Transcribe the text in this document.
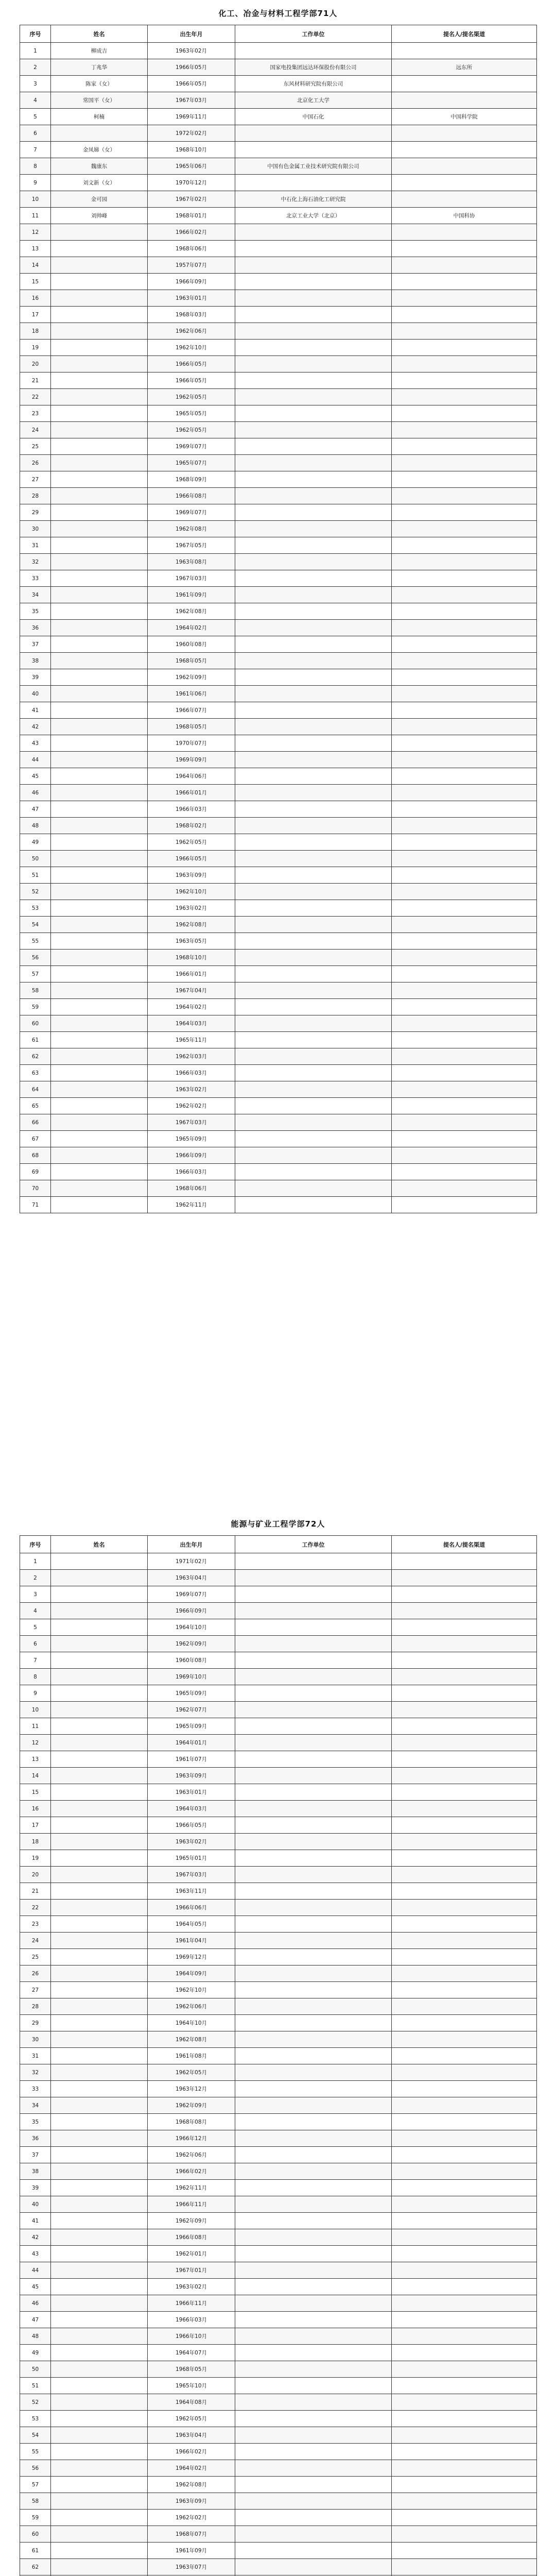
化工、冶金与材料工程学部71人
序号	姓名	出生年月	工作单位	提名人/提名渠道
1	柳成吉	1963年02月		
2	丁兆华	1966年05月	国家电投集团远达环保股份有限公司	远东所
3	陈家（女）	1966年05月	东风材料研究院有限公司	
4	常国平（女）	1967年03月	北京化工大学	
5	柯楠	1969年11月	中国石化	中国科学院
6		1972年02月		
7	金凤娣（女）	1968年10月		
8	魏康东	1965年06月	中国有色金属工业技术研究院有限公司	
9	刘文新（女）	1970年12月		
10	金可园	1967年02月	中石化上海石油化工研究院	
11	刘帅峰	1968年01月	北京工业大学（北京）	中国科协
12		1966年02月		
13		1968年06月		
14		1957年07月		
15		1966年09月		
16		1963年01月		
17		1968年03月		
18		1962年06月		
19		1962年10月		
20		1966年05月		
21		1966年05月		
22		1962年05月		
23		1965年05月		
24		1962年05月		
25		1969年07月		
26		1965年07月		
27		1968年09月		
28		1966年08月		
29		1969年07月		
30		1962年08月		
31		1967年05月		
32		1963年08月		
33		1967年03月		
34		1961年09月		
35		1962年08月		
36		1964年02月		
37		1960年08月		
38		1968年05月		
39		1962年09月		
40		1961年06月		
41		1966年07月		
42		1968年05月		
43		1970年07月		
44		1969年09月		
45		1964年06月		
46		1966年01月		
47		1966年03月		
48		1968年02月		
49		1962年05月		
50		1966年05月		
51		1963年09月		
52		1962年10月		
53		1963年02月		
54		1962年08月		
55		1963年05月		
56		1968年10月		
57		1966年01月		
58		1967年04月		
59		1964年02月		
60		1964年03月		
61		1965年11月		
62		1962年03月		
63		1966年03月		
64		1963年02月		
65		1962年02月		
66		1967年03月		
67		1965年09月		
68		1966年09月		
69		1966年03月		
70		1968年06月		
71		1962年11月		
能源与矿业工程学部72人
序号	姓名	出生年月	工作单位	提名人/提名渠道
1		1971年02月		
2		1963年04月		
3		1969年07月		
4		1966年09月		
5		1964年10月		
6		1962年09月		
7		1960年08月		
8		1969年10月		
9		1965年09月		
10		1962年07月		
11		1965年09月		
12		1964年01月		
13		1961年07月		
14		1963年09月		
15		1963年01月		
16		1964年03月		
17		1966年05月		
18		1963年02月		
19		1965年01月		
20		1967年03月		
21		1963年11月		
22		1966年06月		
23		1964年05月		
24		1961年04月		
25		1969年12月		
26		1964年09月		
27		1962年10月		
28		1962年06月		
29		1964年10月		
30		1962年08月		
31		1961年08月		
32		1962年05月		
33		1963年12月		
34		1962年09月		
35		1968年08月		
36		1966年12月		
37		1962年06月		
38		1966年02月		
39		1962年11月		
40		1966年11月		
41		1962年09月		
42		1966年08月		
43		1962年01月		
44		1967年01月		
45		1963年02月		
46		1966年11月		
47		1966年03月		
48		1966年10月		
49		1964年07月		
50		1968年05月		
51		1965年10月		
52		1964年08月		
53		1962年05月		
54		1963年04月		
55		1966年02月		
56		1964年02月		
57		1962年08月		
58		1963年09月		
59		1962年02月		
60		1968年07月		
61		1961年09月		
62		1963年07月		
